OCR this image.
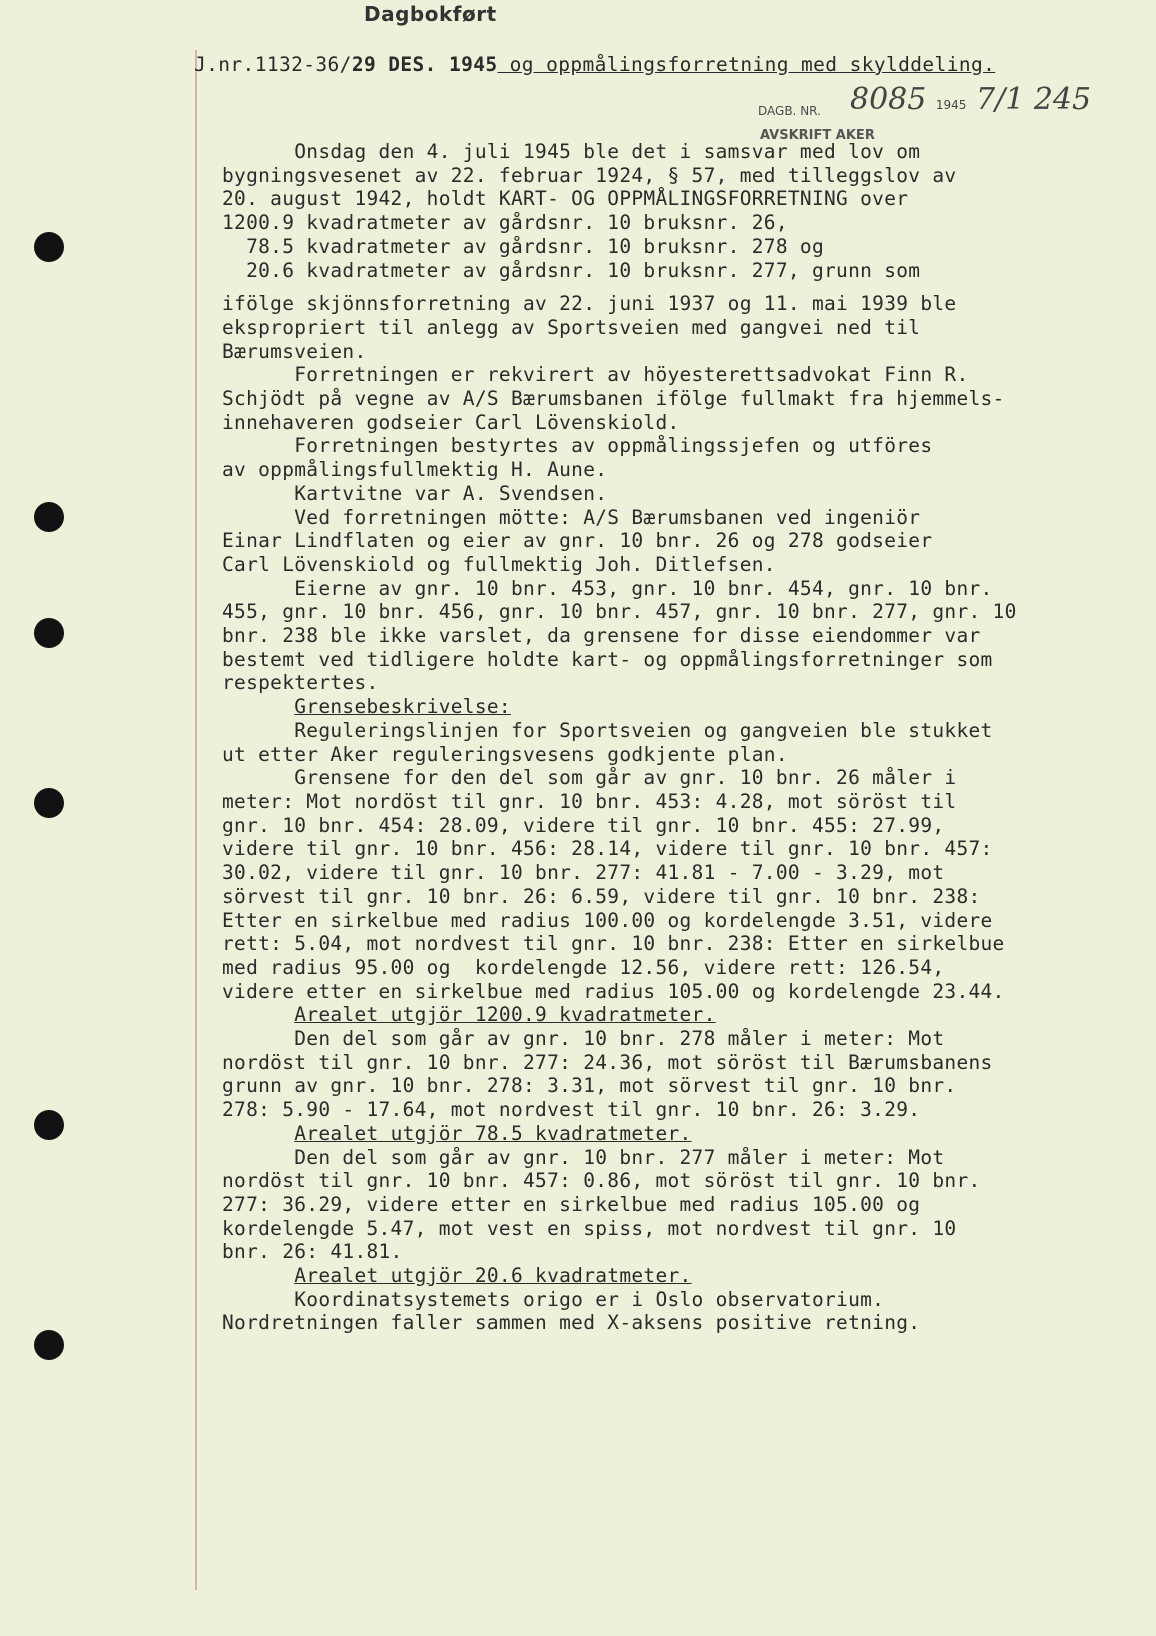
Dagbokført
J.nr.1132-36/29 DES. 1945 og oppmålingsforretning med skylddeling.
DAGB. NR. 8085 1945 7/1 245
AVSKRIFT AKER

Onsdag den 4. juli 1945 ble det i samsvar med lov om

bygningsvesenet av 22. februar 1924, § 57, med tilleggslov av

20. august 1942, holdt KART- OG OPPMÅLINGSFORRETNING over

1200.9 kvadratmeter av gårdsnr. 10 bruksnr. 26,

78.5 kvadratmeter av gårdsnr. 10 bruksnr. 278 og

20.6 kvadratmeter av gårdsnr. 10 bruksnr. 277, grunn som

ifölge skjönnsforretning av 22. juni 1937 og 11. mai 1939 ble

ekspropriert til anlegg av Sportsveien med gangvei ned til

Bærumsveien.

Forretningen er rekvirert av höyesterettsadvokat Finn R.

Schjödt på vegne av A/S Bærumsbanen ifölge fullmakt fra hjemmels-

innehaveren godseier Carl Lövenskiold.

Forretningen bestyrtes av oppmålingssjefen og utföres

av oppmålingsfullmektig H. Aune.

Kartvitne var A. Svendsen.

Ved forretningen mötte: A/S Bærumsbanen ved ingeniör

Einar Lindflaten og eier av gnr. 10 bnr. 26 og 278 godseier

Carl Lövenskiold og fullmektig Joh. Ditlefsen.

Eierne av gnr. 10 bnr. 453, gnr. 10 bnr. 454, gnr. 10 bnr.

455, gnr. 10 bnr. 456, gnr. 10 bnr. 457, gnr. 10 bnr. 277, gnr. 10

bnr. 238 ble ikke varslet, da grensene for disse eiendommer var

bestemt ved tidligere holdte kart- og oppmålingsforretninger som

respektertes.

Grensebeskrivelse:

Reguleringslinjen for Sportsveien og gangveien ble stukket

ut etter Aker reguleringsvesens godkjente plan.

Grensene for den del som går av gnr. 10 bnr. 26 måler i

meter: Mot nordöst til gnr. 10 bnr. 453: 4.28, mot söröst til

gnr. 10 bnr. 454: 28.09, videre til gnr. 10 bnr. 455: 27.99,

videre til gnr. 10 bnr. 456: 28.14, videre til gnr. 10 bnr. 457:

30.02, videre til gnr. 10 bnr. 277: 41.81 - 7.00 - 3.29, mot

sörvest til gnr. 10 bnr. 26: 6.59, videre til gnr. 10 bnr. 238:

Etter en sirkelbue med radius 100.00 og kordelengde 3.51, videre

rett: 5.04, mot nordvest til gnr. 10 bnr. 238: Etter en sirkelbue

med radius 95.00 og  kordelengde 12.56, videre rett: 126.54,

videre etter en sirkelbue med radius 105.00 og kordelengde 23.44.

Arealet utgjör 1200.9 kvadratmeter.

Den del som går av gnr. 10 bnr. 278 måler i meter: Mot

nordöst til gnr. 10 bnr. 277: 24.36, mot söröst til Bærumsbanens

grunn av gnr. 10 bnr. 278: 3.31, mot sörvest til gnr. 10 bnr.

278: 5.90 - 17.64, mot nordvest til gnr. 10 bnr. 26: 3.29.

Arealet utgjör 78.5 kvadratmeter.

Den del som går av gnr. 10 bnr. 277 måler i meter: Mot

nordöst til gnr. 10 bnr. 457: 0.86, mot söröst til gnr. 10 bnr.

277: 36.29, videre etter en sirkelbue med radius 105.00 og

kordelengde 5.47, mot vest en spiss, mot nordvest til gnr. 10

bnr. 26: 41.81.

Arealet utgjör 20.6 kvadratmeter.

Koordinatsystemets origo er i Oslo observatorium.

Nordretningen faller sammen med X-aksens positive retning.
